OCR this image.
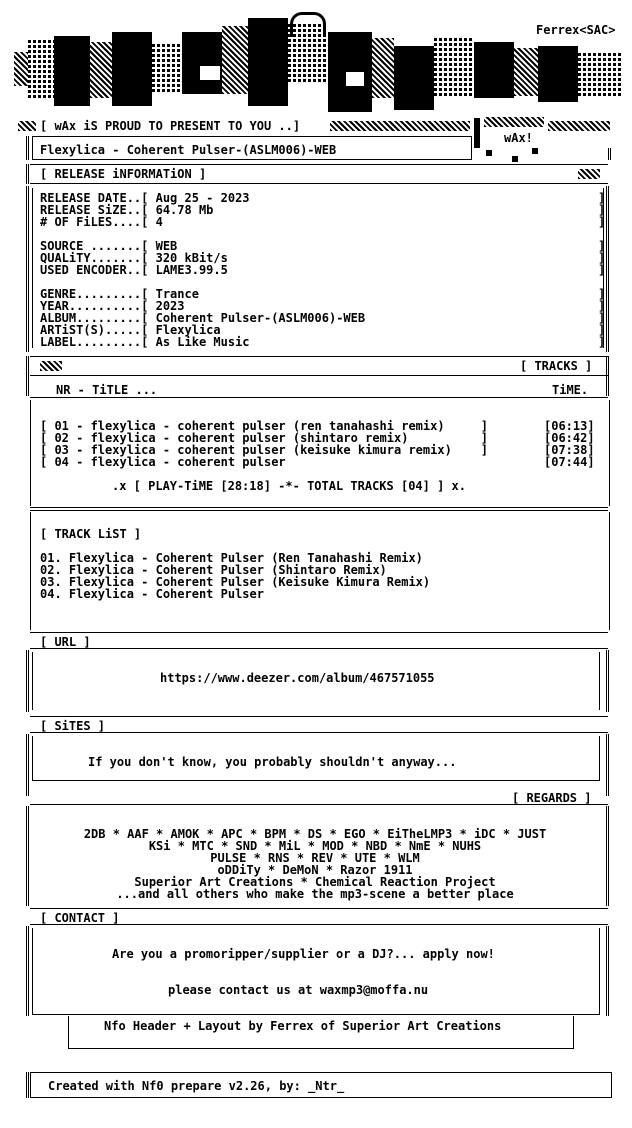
Ferrex<SAC>
[ wAx iS PROUD TO PRESENT TO YOU ..]
wAx!
Flexylica - Coherent Pulser-(ASLM006)-WEB
[ RELEASE iNFORMATiON ]
RELEASE DATE..[ Aug 25 - 2023
RELEASE SiZE..[ 64.78 Mb
# OF FiLES....[ 4
SOURCE .......[ WEB
QUALiTY.......[ 320 kBit/s
USED ENCODER..[ LAME3.99.5
GENRE.........[ Trance
YEAR..........[ 2023
ALBUM.........[ Coherent Pulser-(ASLM006)-WEB
ARTiST(S).....[ Flexylica
LABEL.........[ As Like Music
]
]
]
]
]
]
]
]
]
]
]
[ TRACKS ]
NR - TiTLE ...	TiME.
[ 01 - flexylica - coherent pulser (ren tanahashi remix)     ]	[06:13]
[ 02 - flexylica - coherent pulser (shintaro remix)          ]	[06:42]
[ 03 - flexylica - coherent pulser (keisuke kimura remix)    ]	[07:38]
[ 04 - flexylica - coherent pulser	[07:44]
.x [ PLAY-TiME [28:18] -*- TOTAL TRACKS [04] ] x.
[ TRACK LiST ]
01. Flexylica - Coherent Pulser (Ren Tanahashi Remix)
02. Flexylica - Coherent Pulser (Shintaro Remix)
03. Flexylica - Coherent Pulser (Keisuke Kimura Remix)
04. Flexylica - Coherent Pulser
[ URL ]
https://www.deezer.com/album/467571055
[ SiTES ]
If you don't know, you probably shouldn't anyway...
[ REGARDS ]
2DB * AAF * AMOK * APC * BPM * DS * EGO * EiTheLMP3 * iDC * JUST
KSi * MTC * SND * MiL * MOD * NBD * NmE * NUHS
PULSE * RNS * REV * UTE * WLM
oDDiTy * DeMoN * Razor 1911
Superior Art Creations * Chemical Reaction Project
...and all others who make the mp3-scene a better place
[ CONTACT ]
Are you a promoripper/supplier or a DJ?... apply now!
please contact us at waxmp3@moffa.nu
Nfo Header + Layout by Ferrex of Superior Art Creations
Created with Nf0 prepare v2.26, by: _Ntr_
